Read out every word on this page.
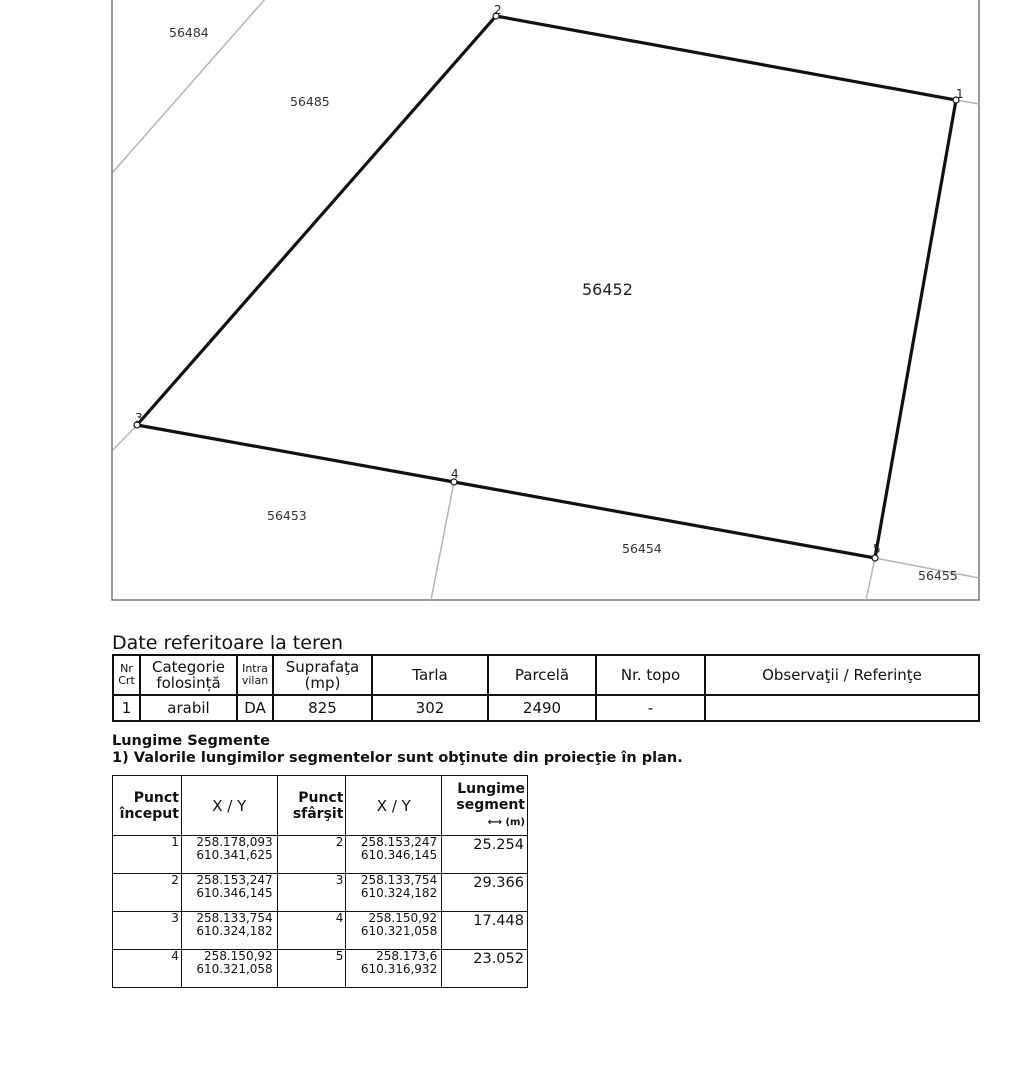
1
2
3
4
5
56484
56485
56453
56454
56455
56452
Date referitoare la teren
Nr Crt	Categorie folosință	Intra vilan	Suprafaţa (mp)	Tarla	Parcelă	Nr. topo	Observaţii / Referinţe
1	arabil	DA	825	302	2490	-	

Lungime Segmente

1) Valorile lungimilor segmentelor sunt obţinute din proiecţie în plan.

Punct început	X / Y	Punct sfârşit	X / Y	Lungime segment
⟷ (m)
1	258.178,093
610.341,625	2	258.153,247
610.346,145	25.254
2	258.153,247
610.346,145	3	258.133,754
610.324,182	29.366
3	258.133,754
610.324,182	4	258.150,92
610.321,058	17.448
4	258.150,92
610.321,058	5	258.173,6
610.316,932	23.052
